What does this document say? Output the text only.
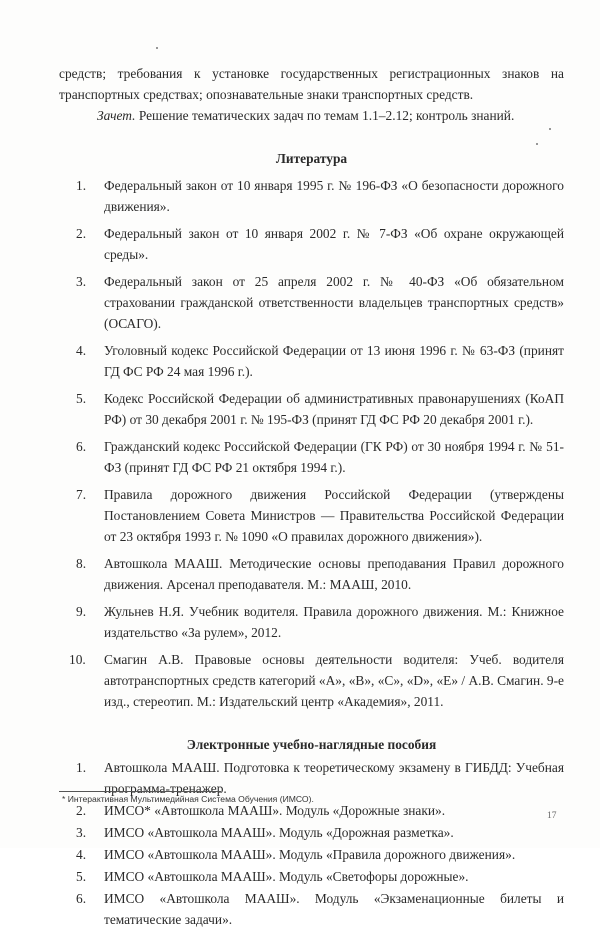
средств; требования к установке государственных регистрационных знаков на транспортных средствах; опознавательные знаки транспортных средств.

Зачет. Решение тематических задач по темам 1.1–2.12; контроль знаний.

Литература
1. Федеральный закон от 10 января 1995 г. № 196-ФЗ «О безопасности дорожного движения».
2. Федеральный закон от 10 января 2002 г. № 7-ФЗ «Об охране окружающей среды».
3. Федеральный закон от 25 апреля 2002 г. № 40-ФЗ «Об обязательном страховании гражданской ответственности владельцев транспортных средств» (ОСАГО).
4. Уголовный кодекс Российской Федерации от 13 июня 1996 г. № 63-ФЗ (принят ГД ФС РФ 24 мая 1996 г.).
5. Кодекс Российской Федерации об административных правонарушениях (КоАП РФ) от 30 декабря 2001 г. № 195-ФЗ (принят ГД ФС РФ 20 декабря 2001 г.).
6. Гражданский кодекс Российской Федерации (ГК РФ) от 30 ноября 1994 г. № 51-ФЗ (принят ГД ФС РФ 21 октября 1994 г.).
7. Правила дорожного движения Российской Федерации (утверждены Постановлением Совета Министров — Правительства Российской Федерации от 23 октября 1993 г. № 1090 «О правилах дорожного движения»).
8. Автошкола МААШ. Методические основы преподавания Правил дорожного движения. Арсенал преподавателя. М.: МААШ, 2010.
9. Жульнев Н.Я. Учебник водителя. Правила дорожного движения. М.: Книжное издательство «За рулем», 2012.
10. Смагин А.В. Правовые основы деятельности водителя: Учеб. водителя автотранспортных средств категорий «A», «B», «C», «D», «E» / А.В. Смагин. 9-е изд., стереотип. М.: Издательский центр «Академия», 2011.
Электронные учебно-наглядные пособия
1. Автошкола МААШ. Подготовка к теоретическому экзамену в ГИБДД: Учебная программа-тренажер.
2. ИМСО* «Автошкола МААШ». Модуль «Дорожные знаки».
3. ИМСО «Автошкола МААШ». Модуль «Дорожная разметка».
4. ИМСО «Автошкола МААШ». Модуль «Правила дорожного движения».
5. ИМСО «Автошкола МААШ». Модуль «Светофоры дорожные».
6. ИМСО «Автошкола МААШ». Модуль «Экзаменационные билеты и тематические задачи».
* Интерактивная Мультимедийная Система Обучения (ИМСО).
17
